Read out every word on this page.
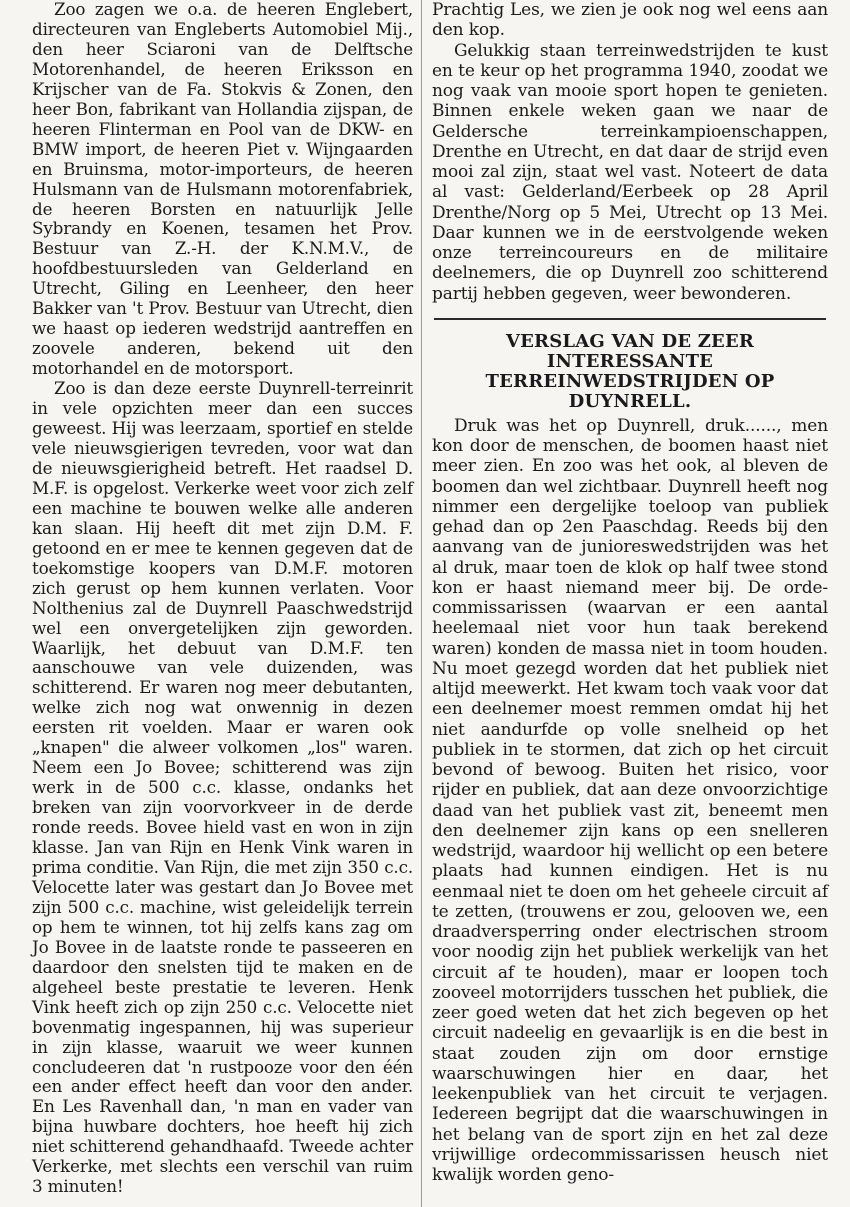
Zoo zagen we o.a. de heeren Englebert, directeuren van Engleberts Automobiel Mij., den heer Sciaroni van de Delftsche Motorenhandel, de heeren Eriksson en Krijscher van de Fa. Stokvis & Zonen, den heer Bon, fabrikant van Hollandia zijspan, de heeren Flinterman en Pool van de DKW- en BMW import, de heeren Piet v. Wijngaarden en Bruinsma, motor-importeurs, de heeren Hulsmann van de Hulsmann motorenfabriek, de heeren Borsten en natuurlijk Jelle Sybrandy en Koenen, tesamen het Prov. Bestuur van Z.-H. der K.N.M.V., de hoofdbestuursleden van Gelderland en Utrecht, Giling en Leenheer, den heer Bakker van 't Prov. Bestuur van Utrecht, dien we haast op iederen wedstrijd aantreffen en zoovele anderen, bekend uit den motorhandel en de motorsport.

Zoo is dan deze eerste Duynrell-terreinrit in vele opzichten meer dan een succes geweest. Hij was leerzaam, sportief en stelde vele nieuwsgierigen tevreden, voor wat dan de nieuwsgierigheid betreft. Het raadsel D. M.F. is opgelost. Verkerke weet voor zich zelf een machine te bouwen welke alle anderen kan slaan. Hij heeft dit met zijn D.M. F. getoond en er mee te kennen gegeven dat de toekomstige koopers van D.M.F. motoren zich gerust op hem kunnen verlaten. Voor Nolthenius zal de Duynrell Paaschwedstrijd wel een onvergetelijken zijn geworden. Waarlijk, het debuut van D.M.F. ten aanschouwe van vele duizenden, was schitterend. Er waren nog meer debutanten, welke zich nog wat onwennig in dezen eersten rit voelden. Maar er waren ook „knapen" die alweer volkomen „los" waren. Neem een Jo Bovee; schitterend was zijn werk in de 500 c.c. klasse, ondanks het breken van zijn voorvorkveer in de derde ronde reeds. Bovee hield vast en won in zijn klasse. Jan van Rijn en Henk Vink waren in prima conditie. Van Rijn, die met zijn 350 c.c. Velocette later was gestart dan Jo Bovee met zijn 500 c.c. machine, wist geleidelijk terrein op hem te winnen, tot hij zelfs kans zag om Jo Bovee in de laatste ronde te passeeren en daardoor den snelsten tijd te maken en de algeheel beste prestatie te leveren. Henk Vink heeft zich op zijn 250 c.c. Velocette niet bovenmatig ingespannen, hij was superieur in zijn klasse, waaruit we weer kunnen concludeeren dat 'n rustpooze voor den één een ander effect heeft dan voor den ander. En Les Ravenhall dan, 'n man en vader van bijna huwbare dochters, hoe heeft hij zich niet schitterend gehandhaafd. Tweede achter Verkerke, met slechts een verschil van ruim 3 minuten!

Prachtig Les, we zien je ook nog wel eens aan den kop.

Gelukkig staan terreinwedstrijden te kust en te keur op het programma 1940, zoodat we nog vaak van mooie sport hopen te genieten. Binnen enkele weken gaan we naar de Geldersche terreinkampioenschappen, Drenthe en Utrecht, en dat daar de strijd even mooi zal zijn, staat wel vast. Noteert de data al vast: Gelderland/Eerbeek op 28 April Drenthe/Norg op 5 Mei, Utrecht op 13 Mei. Daar kunnen we in de eerstvolgende weken onze terreincoureurs en de militaire deelnemers, die op Duynrell zoo schitterend partij hebben gegeven, weer bewonderen.

VERSLAG VAN DE ZEER INTERESSANTE TERREINWEDSTRIJDEN OP DUYNRELL.

Druk was het op Duynrell, druk......, men kon door de menschen, de boomen haast niet meer zien. En zoo was het ook, al bleven de boomen dan wel zichtbaar. Duynrell heeft nog nimmer een dergelijke toeloop van publiek gehad dan op 2en Paaschdag. Reeds bij den aanvang van de junioreswedstrijden was het al druk, maar toen de klok op half twee stond kon er haast niemand meer bij. De orde-commissarissen (waarvan er een aantal heelemaal niet voor hun taak berekend waren) konden de massa niet in toom houden. Nu moet gezegd worden dat het publiek niet altijd meewerkt. Het kwam toch vaak voor dat een deelnemer moest remmen omdat hij het niet aandurfde op volle snelheid op het publiek in te stormen, dat zich op het circuit bevond of bewoog. Buiten het risico, voor rijder en publiek, dat aan deze onvoorzichtige daad van het publiek vast zit, beneemt men den deelnemer zijn kans op een snelleren wedstrijd, waardoor hij wellicht op een betere plaats had kunnen eindigen. Het is nu eenmaal niet te doen om het geheele circuit af te zetten, (trouwens er zou, gelooven we, een draadversperring onder electrischen stroom voor noodig zijn het publiek werkelijk van het circuit af te houden), maar er loopen toch zooveel motorrijders tusschen het publiek, die zeer goed weten dat het zich begeven op het circuit nadeelig en gevaarlijk is en die best in staat zouden zijn om door ernstige waarschuwingen hier en daar, het leekenpubliek van het circuit te verjagen. Iedereen begrijpt dat die waarschuwingen in het belang van de sport zijn en het zal deze vrijwillige ordecommissarissen heusch niet kwalijk worden geno-
